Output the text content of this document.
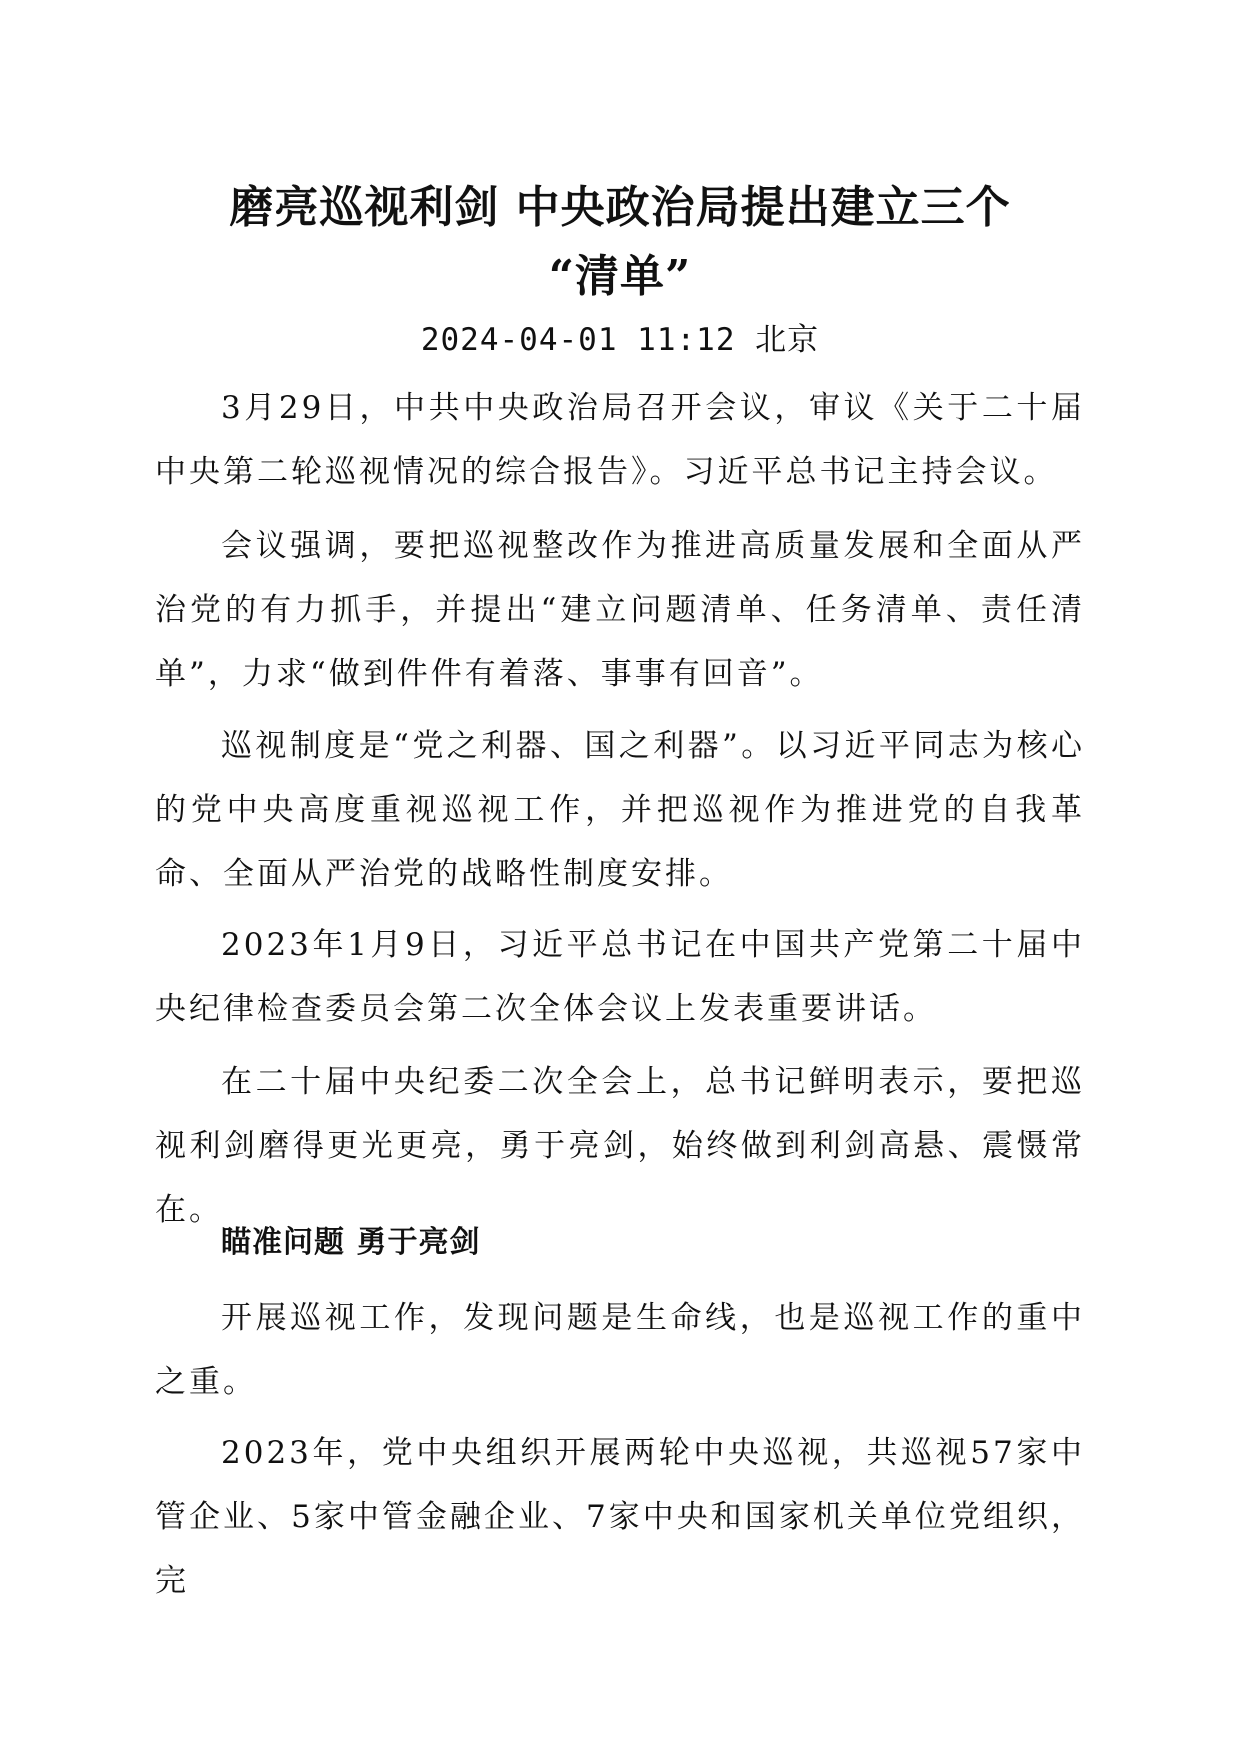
磨亮巡视利剑 中央政治局提出建立三个
“清单”
2024-04-01 11:12 北京

3月29日，中共中央政治局召开会议，审议《关于二十届中央第二轮巡视情况的综合报告》。习近平总书记主持会议。

会议强调，要把巡视整改作为推进高质量发展和全面从严治党的有力抓手，并提出“建立问题清单、任务清单、责任清单”，力求“做到件件有着落、事事有回音”。

巡视制度是“党之利器、国之利器”。以习近平同志为核心的党中央高度重视巡视工作，并把巡视作为推进党的自我革命、全面从严治党的战略性制度安排。

2023年1月9日，习近平总书记在中国共产党第二十届中央纪律检查委员会第二次全体会议上发表重要讲话。

在二十届中央纪委二次全会上，总书记鲜明表示，要把巡视利剑磨得更光更亮，勇于亮剑，始终做到利剑高悬、震慑常在。

瞄准问题 勇于亮剑

开展巡视工作，发现问题是生命线，也是巡视工作的重中之重。

2023年，党中央组织开展两轮中央巡视，共巡视57家中管企业、5家中管金融企业、7家中央和国家机关单位党组织，完
